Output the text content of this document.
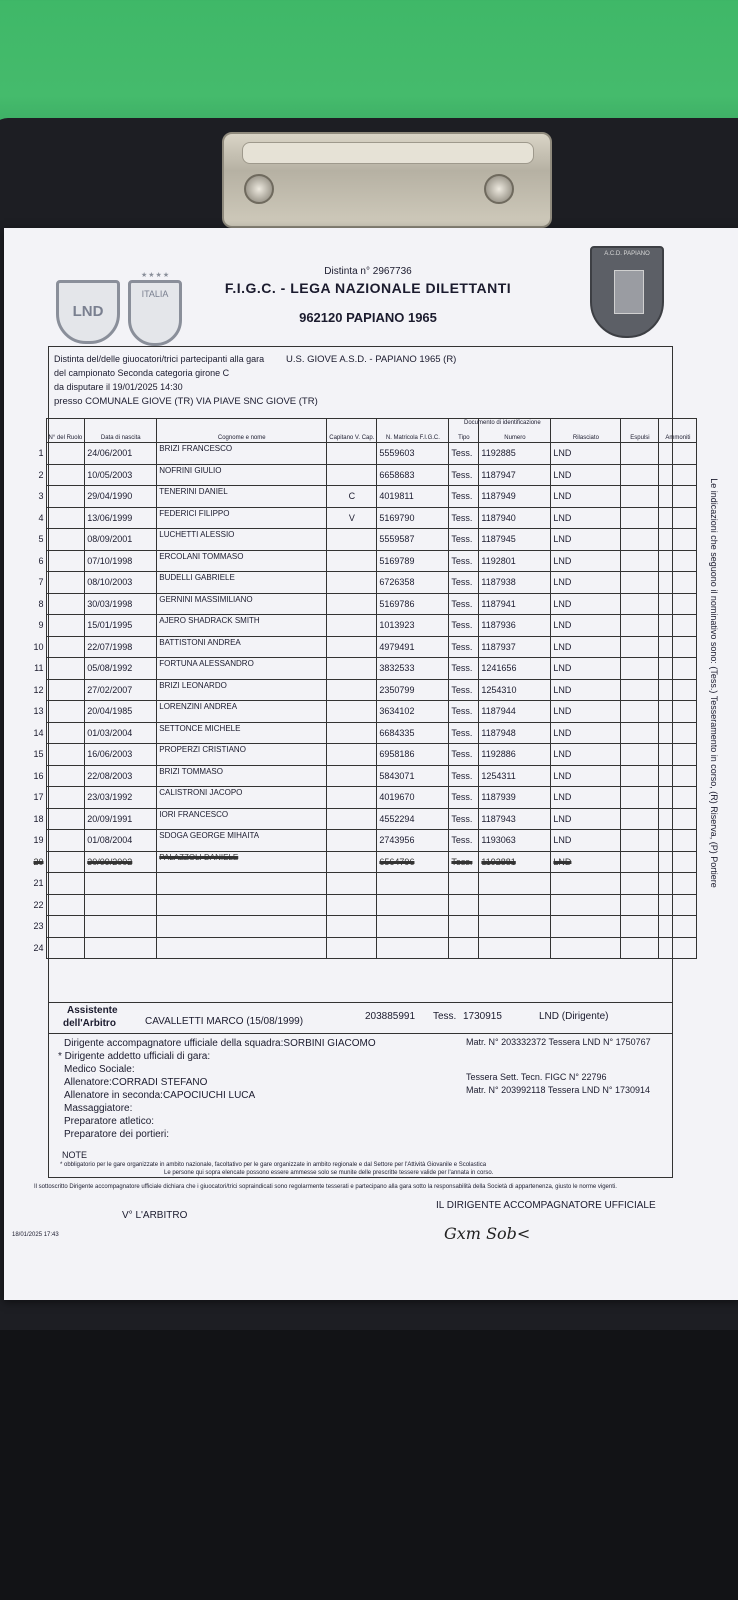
LND
★★★★
ITALIA
A.C.D. PAPIANO
Distinta n° 2967736
F.I.G.C. - LEGA NAZIONALE DILETTANTI
962120 PAPIANO 1965
Distinta del/delle giuocatori/trici partecipanti alla gara U.S. GIOVE A.S.D. - PAPIANO 1965 (R)
del campionato Seconda categoria girone C
da disputare il 19/01/2025 14:30
presso COMUNALE GIOVE (TR) VIA PIAVE SNC GIOVE (TR)
	N° del Ruolo	Data di nascita	Cognome e nome	Capitano V. Cap.	N. Matricola F.I.G.C.	Tipo	Numero	Rilasciato	Espulsi	Ammoniti
1		24/06/2001	BRIZI FRANCESCO		5559603	Tess.	1192885	LND		
2		10/05/2003	NOFRINI GIULIO		6658683	Tess.	1187947	LND		
3		29/04/1990	TENERINI DANIEL	C	4019811	Tess.	1187949	LND		
4		13/06/1999	FEDERICI FILIPPO	V	5169790	Tess.	1187940	LND		
5		08/09/2001	LUCHETTI ALESSIO		5559587	Tess.	1187945	LND		
6		07/10/1998	ERCOLANI TOMMASO		5169789	Tess.	1192801	LND		
7		08/10/2003	BUDELLI GABRIELE		6726358	Tess.	1187938	LND		
8		30/03/1998	GERNINI MASSIMILIANO		5169786	Tess.	1187941	LND		
9		15/01/1995	AJERO SHADRACK SMITH		1013923	Tess.	1187936	LND		
10		22/07/1998	BATTISTONI ANDREA		4979491	Tess.	1187937	LND		
11		05/08/1992	FORTUNA ALESSANDRO		3832533	Tess.	1241656	LND		
12		27/02/2007	BRIZI LEONARDO		2350799	Tess.	1254310	LND		
13		20/04/1985	LORENZINI ANDREA		3634102	Tess.	1187944	LND		
14		01/03/2004	SETTONCE MICHELE		6684335	Tess.	1187948	LND		
15		16/06/2003	PROPERZI CRISTIANO		6958186	Tess.	1192886	LND		
16		22/08/2003	BRIZI TOMMASO		5843071	Tess.	1254311	LND		
17		23/03/1992	CALISTRONI JACOPO		4019670	Tess.	1187939	LND		
18		20/09/1991	IORI FRANCESCO		4552294	Tess.	1187943	LND		
19		01/08/2004	SDOGA GEORGE MIHAITA		2743956	Tess.	1193063	LND		
20		30/09/2002	PALAZZOLI DANIELE		6564796	Tess.	1192881	LND		
21										
22										
23										
24										
Documento di identificazione
Assistente
dell'Arbitro	CAVALLETTI MARCO (15/08/1999)	203885991 Tess. 1730915	LND (Dirigente)
Dirigente accompagnatore ufficiale della squadra:SORBINI GIACOMO	Matr. N° 203332372 Tessera LND N° 1750767
* Dirigente addetto ufficiali di gara:
Medico Sociale:
Allenatore:CORRADI STEFANO	Tessera Sett. Tecn. FIGC N° 22796
Matr. N° 203992118 Tessera LND N° 1730914
Allenatore in seconda:CAPOCIUCHI LUCA
Massaggiatore:
Preparatore atletico:
Preparatore dei portieri:
NOTE
* obbligatorio per le gare organizzate in ambito nazionale, facoltativo per le gare organizzate in ambito regionale e dal Settore per l'Attività Giovanile e Scolastica
Le persone qui sopra elencate possono essere ammesse solo se munite delle prescritte tessere valide per l'annata in corso.
Il sottoscritto Dirigente accompagnatore ufficiale dichiara che i giuocatori/trici sopraindicati sono regolarmente tesserati e partecipano alla gara sotto la responsabilità della Società di appartenenza, giusto le norme vigenti.
V° L'ARBITRO
IL DIRIGENTE ACCOMPAGNATORE UFFICIALE
18/01/2025 17:43	Gxm Sob<
Le indicazioni che seguono il nominativo sono: (Tess.) Tesseramento in corso, (R) Riserva, (P) Portiere
